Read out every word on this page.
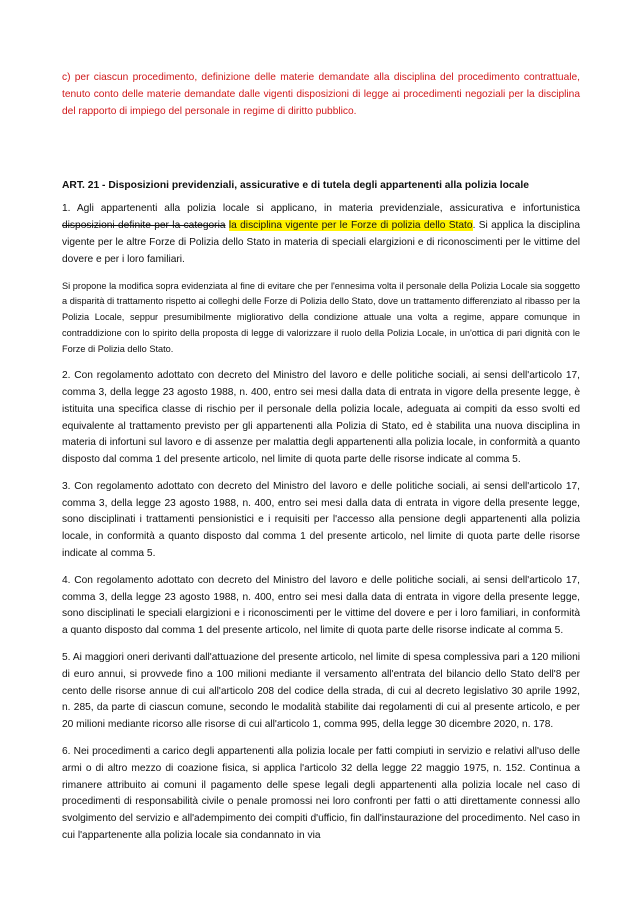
c) per ciascun procedimento, definizione delle materie demandate alla disciplina del procedimento contrattuale, tenuto conto delle materie demandate dalle vigenti disposizioni di legge ai procedimenti negoziali per la disciplina del rapporto di impiego del personale in regime di diritto pubblico.

ART. 21 - Disposizioni previdenziali, assicurative e di tutela degli appartenenti alla polizia locale

1. Agli appartenenti alla polizia locale si applicano, in materia previdenziale, assicurativa e infortunistica disposizioni definite per la categoria la disciplina vigente per le Forze di polizia dello Stato. Si applica la disciplina vigente per le altre Forze di Polizia dello Stato in materia di speciali elargizioni e di riconoscimenti per le vittime del dovere e per i loro familiari.

Si propone la modifica sopra evidenziata al fine di evitare che per l'ennesima volta il personale della Polizia Locale sia soggetto a disparità di trattamento rispetto ai colleghi delle Forze di Polizia dello Stato, dove un trattamento differenziato al ribasso per la Polizia Locale, seppur presumibilmente migliorativo della condizione attuale una volta a regime, appare comunque in contraddizione con lo spirito della proposta di legge di valorizzare il ruolo della Polizia Locale, in un'ottica di pari dignità con le Forze di Polizia dello Stato.

2. Con regolamento adottato con decreto del Ministro del lavoro e delle politiche sociali, ai sensi dell'articolo 17, comma 3, della legge 23 agosto 1988, n. 400, entro sei mesi dalla data di entrata in vigore della presente legge, è istituita una specifica classe di rischio per il personale della polizia locale, adeguata ai compiti da esso svolti ed equivalente al trattamento previsto per gli appartenenti alla Polizia di Stato, ed è stabilita una nuova disciplina in materia di infortuni sul lavoro e di assenze per malattia degli appartenenti alla polizia locale, in conformità a quanto disposto dal comma 1 del presente articolo, nel limite di quota parte delle risorse indicate al comma 5.

3. Con regolamento adottato con decreto del Ministro del lavoro e delle politiche sociali, ai sensi dell'articolo 17, comma 3, della legge 23 agosto 1988, n. 400, entro sei mesi dalla data di entrata in vigore della presente legge, sono disciplinati i trattamenti pensionistici e i requisiti per l'accesso alla pensione degli appartenenti alla polizia locale, in conformità a quanto disposto dal comma 1 del presente articolo, nel limite di quota parte delle risorse indicate al comma 5.

4. Con regolamento adottato con decreto del Ministro del lavoro e delle politiche sociali, ai sensi dell'articolo 17, comma 3, della legge 23 agosto 1988, n. 400, entro sei mesi dalla data di entrata in vigore della presente legge, sono disciplinati le speciali elargizioni e i riconoscimenti per le vittime del dovere e per i loro familiari, in conformità a quanto disposto dal comma 1 del presente articolo, nel limite di quota parte delle risorse indicate al comma 5.

5. Ai maggiori oneri derivanti dall'attuazione del presente articolo, nel limite di spesa complessiva pari a 120 milioni di euro annui, si provvede fino a 100 milioni mediante il versamento all'entrata del bilancio dello Stato dell'8 per cento delle risorse annue di cui all'articolo 208 del codice della strada, di cui al decreto legislativo 30 aprile 1992, n. 285, da parte di ciascun comune, secondo le modalità stabilite dai regolamenti di cui al presente articolo, e per 20 milioni mediante ricorso alle risorse di cui all'articolo 1, comma 995, della legge 30 dicembre 2020, n. 178.

6. Nei procedimenti a carico degli appartenenti alla polizia locale per fatti compiuti in servizio e relativi all'uso delle armi o di altro mezzo di coazione fisica, si applica l'articolo 32 della legge 22 maggio 1975, n. 152. Continua a rimanere attribuito ai comuni il pagamento delle spese legali degli appartenenti alla polizia locale nel caso di procedimenti di responsabilità civile o penale promossi nei loro confronti per fatti o atti direttamente connessi allo svolgimento del servizio e all'adempimento dei compiti d'ufficio, fin dall'instaurazione del procedimento. Nel caso in cui l'appartenente alla polizia locale sia condannato in via
